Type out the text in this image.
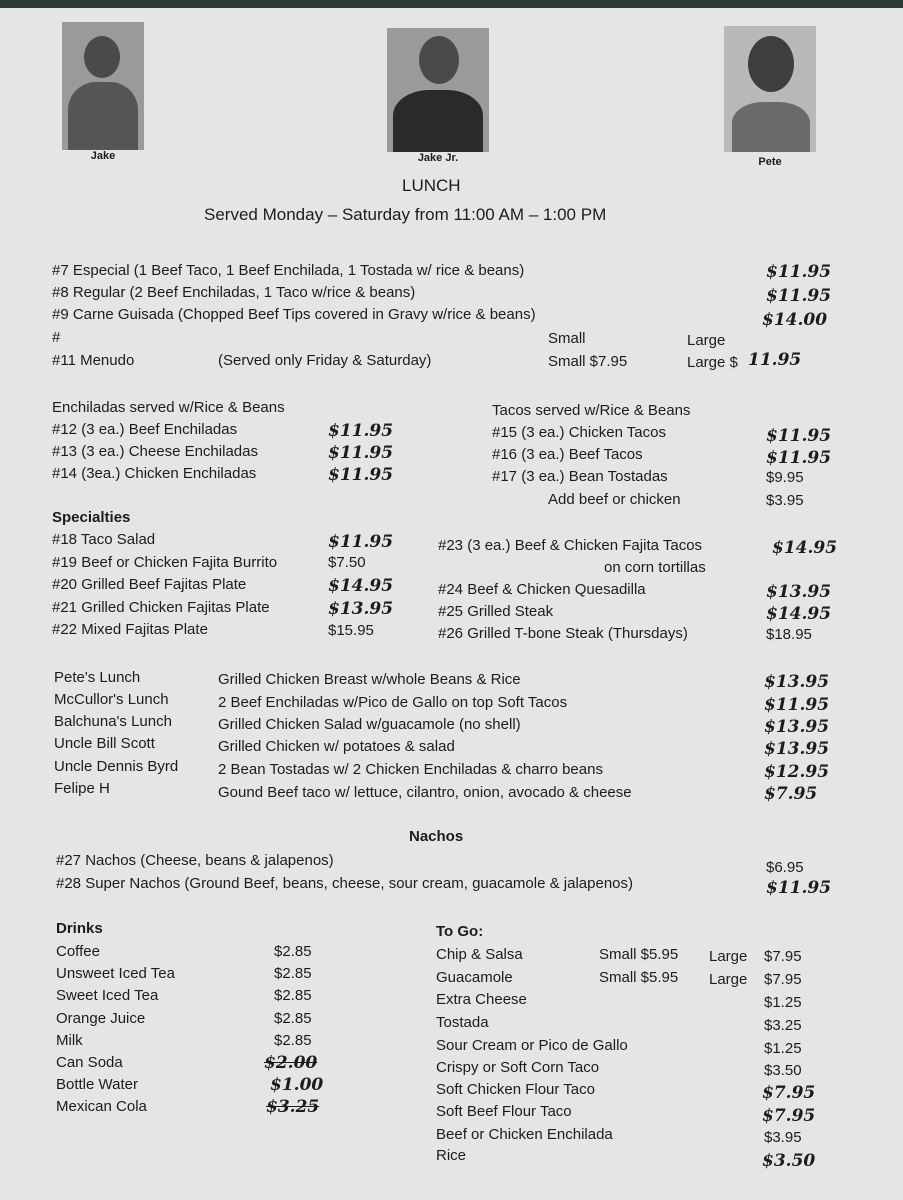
Jake	Jake Jr.	Pete
LUNCH
Served Monday – Saturday from 11:00 AM – 1:00 PM
#7 Especial (1 Beef Taco, 1 Beef Enchilada, 1 Tostada w/ rice & beans)	$11.95
#8 Regular (2 Beef Enchiladas, 1 Taco w/rice & beans)	$11.95
#9 Carne Guisada (Chopped Beef Tips covered in Gravy w/rice & beans)	$14.00
#	Small	Large
#11 Menudo	(Served only Friday & Saturday)	Small $7.95	Large $ 11.95
Enchiladas served w/Rice & Beans
#12 (3 ea.) Beef Enchiladas	$11.95
#13 (3 ea.) Cheese Enchiladas	$11.95
#14 (3ea.) Chicken Enchiladas	$11.95
Tacos served w/Rice & Beans
#15 (3 ea.) Chicken Tacos	$11.95
#16 (3 ea.) Beef Tacos	$11.95
#17 (3 ea.) Bean Tostadas	$9.95
Add beef or chicken	$3.95
Specialties
#18 Taco Salad	$11.95
#19 Beef or Chicken Fajita Burrito	$7.50
#20 Grilled Beef Fajitas Plate	$14.95
#21 Grilled Chicken Fajitas Plate	$13.95
#22 Mixed Fajitas Plate	$15.95
#23 (3 ea.) Beef & Chicken Fajita Tacos	$14.95
on corn tortillas
#24 Beef & Chicken Quesadilla	$13.95
#25 Grilled Steak	$14.95
#26 Grilled T-bone Steak (Thursdays)	$18.95
Pete's Lunch	Grilled Chicken Breast w/whole Beans & Rice	$13.95
McCullor's Lunch	2 Beef Enchiladas w/Pico de Gallo on top Soft Tacos	$11.95
Balchuna's Lunch	Grilled Chicken Salad w/guacamole (no shell)	$13.95
Uncle Bill Scott	Grilled Chicken w/ potatoes & salad	$13.95
Uncle Dennis Byrd	2 Bean Tostadas w/ 2 Chicken Enchiladas & charro beans	$12.95
Felipe H	Gound Beef taco w/ lettuce, cilantro, onion, avocado & cheese	$7.95
Nachos
#27 Nachos (Cheese, beans & jalapenos)	$6.95
#28 Super Nachos (Ground Beef, beans, cheese, sour cream, guacamole & jalapenos)	$11.95
Drinks
Coffee	$2.85
Unsweet Iced Tea	$2.85
Sweet Iced Tea	$2.85
Orange Juice	$2.85
Milk	$2.85
Can Soda	$2.00
Bottle Water	$1.00
Mexican Cola	$3.25
To Go:
Chip & Salsa	Small $5.95 Large $7.95
Guacamole	Small $5.95 Large $7.95
Extra Cheese	$1.25
Tostada	$3.25
Sour Cream or Pico de Gallo	$1.25
Crispy or Soft Corn Taco	$3.50
Soft Chicken Flour Taco	$7.95
Soft Beef Flour Taco	$7.95
Beef or Chicken Enchilada	$3.95
Rice	$3.50
